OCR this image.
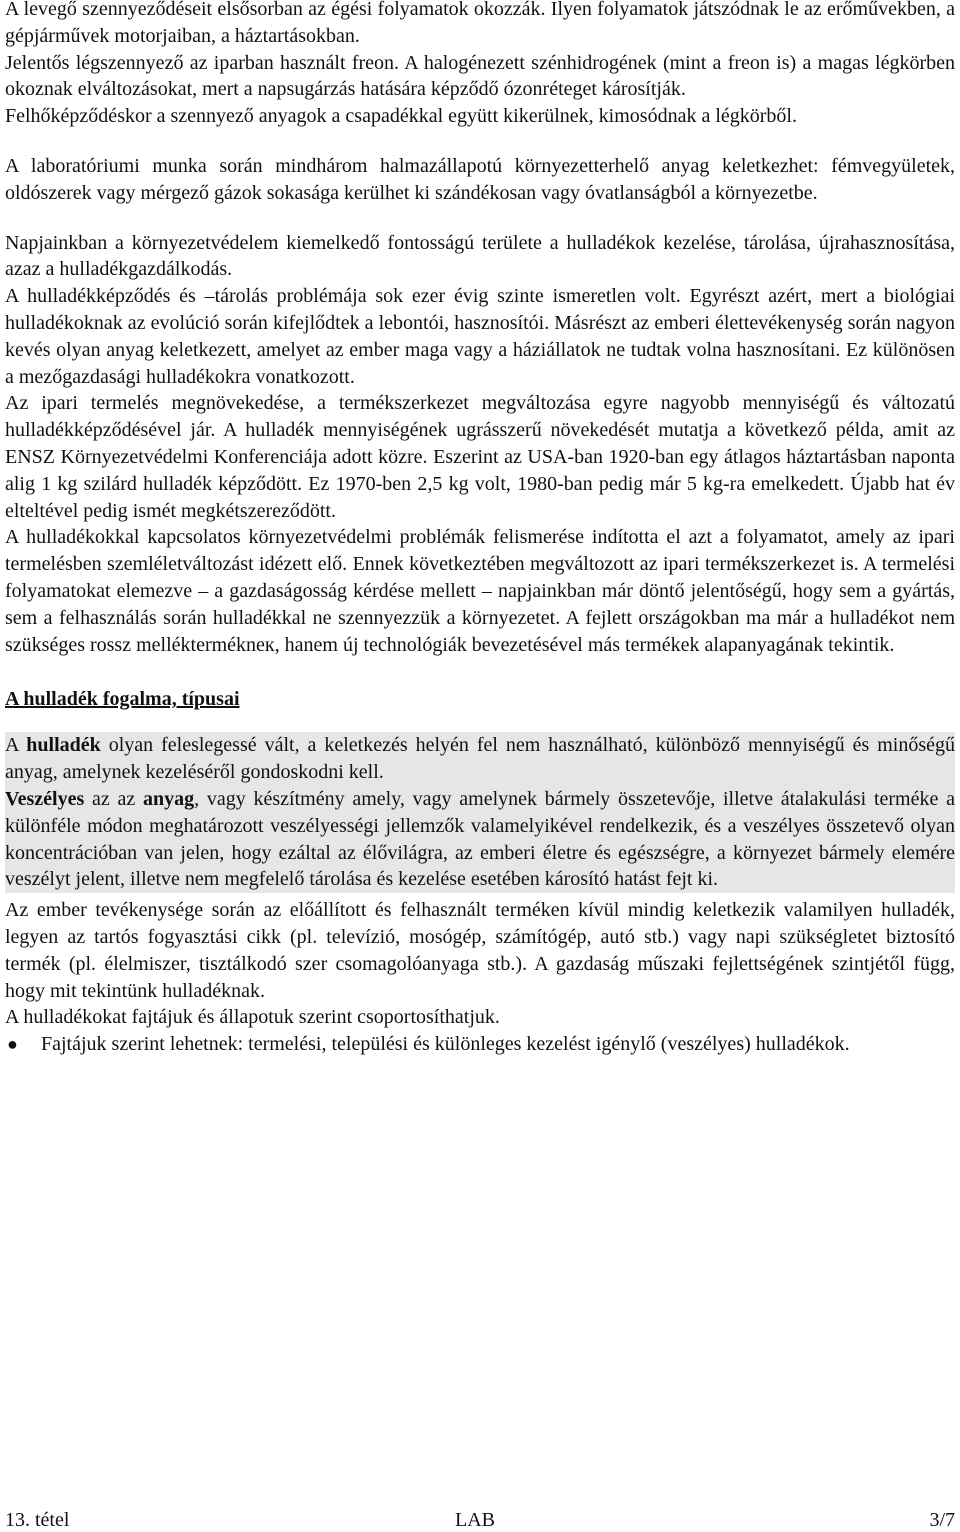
A levegő szennyeződéseit elsősorban az égési folyamatok okozzák. Ilyen folyamatok játszódnak le az erőművekben, a gépjárművek motorjaiban, a háztartásokban.

Jelentős légszennyező az iparban használt freon. A halogénezett szénhidrogének (mint a freon is) a magas légkörben okoznak elváltozásokat, mert a napsugárzás hatására képződő ózonréteget károsítják.

Felhőképződéskor a szennyező anyagok a csapadékkal együtt kikerülnek, kimosódnak a légkörből.

A laboratóriumi munka során mindhárom halmazállapotú környezetterhelő anyag keletkezhet: fémvegyületek, oldószerek vagy mérgező gázok sokasága kerülhet ki szándékosan vagy óvatlanságból a környezetbe.

Napjainkban a környezetvédelem kiemelkedő fontosságú területe a hulladékok kezelése, tárolása, újrahasznosítása, azaz a hulladékgazdálkodás.

A hulladékképződés és –tárolás problémája sok ezer évig szinte ismeretlen volt. Egyrészt azért, mert a biológiai hulladékoknak az evolúció során kifejlődtek a lebontói, hasznosítói. Másrészt az emberi élettevékenység során nagyon kevés olyan anyag keletkezett, amelyet az ember maga vagy a háziállatok ne tudtak volna hasznosítani. Ez különösen a mezőgazdasági hulladékokra vonatkozott.

Az ipari termelés megnövekedése, a termékszerkezet megváltozása egyre nagyobb mennyiségű és változatú hulladékképződésével jár. A hulladék mennyiségének ugrásszerű növekedését mutatja a következő példa, amit az ENSZ Környezetvédelmi Konferenciája adott közre. Eszerint az USA-ban 1920-ban egy átlagos háztartásban naponta alig 1 kg szilárd hulladék képződött. Ez 1970-ben 2,5 kg volt, 1980-ban pedig már 5 kg-ra emelkedett. Újabb hat év elteltével pedig ismét megkétszereződött.

A hulladékokkal kapcsolatos környezetvédelmi problémák felismerése indította el azt a folyamatot, amely az ipari termelésben szemléletváltozást idézett elő. Ennek következtében megváltozott az ipari termékszerkezet is. A termelési folyamatokat elemezve – a gazdaságosság kérdése mellett – napjainkban már döntő jelentőségű, hogy sem a gyártás, sem a felhasználás során hulladékkal ne szennyezzük a környezetet. A fejlett országokban ma már a hulladékot nem szükséges rossz melléktermékneк, hanem új technológiák bevezetésével más termékek alapanyagának tekintik.

A hulladék fogalma, típusai

A hulladék olyan feleslegessé vált, a keletkezés helyén fel nem használható, különböző mennyiségű és minőségű anyag, amelynek kezeléséről gondoskodni kell.

Veszélyes az az anyag, vagy készítmény amely, vagy amelynek bármely összetevője, illetve átalakulási terméke a különféle módon meghatározott veszélyességi jellemzők valamelyikével rendelkezik, és a veszélyes összetevő olyan koncentrációban van jelen, hogy ezáltal az élővilágra, az emberi életre és egészségre, a környezet bármely elemére veszélyt jelent, illetve nem megfelelő tárolása és kezelése esetében károsító hatást fejt ki.

Az ember tevékenysége során az előállított és felhasznált terméken kívül mindig keletkezik valamilyen hulladék, legyen az tartós fogyasztási cikk (pl. televízió, mosógép, számítógép, autó stb.) vagy napi szükségletet biztosító termék (pl. élelmiszer, tisztálkodó szer csomagolóanyaga stb.). A gazdaság műszaki fejlettségének szintjétől függ, hogy mit tekintünk hulladéknak.

A hulladékokat fajtájuk és állapotuk szerint csoportosíthatjuk.

● Fajtájuk szerint lehetnek: termelési, települési és különleges kezelést igénylő (veszélyes) hulladékok.
13. tétel	LAB	3/7
